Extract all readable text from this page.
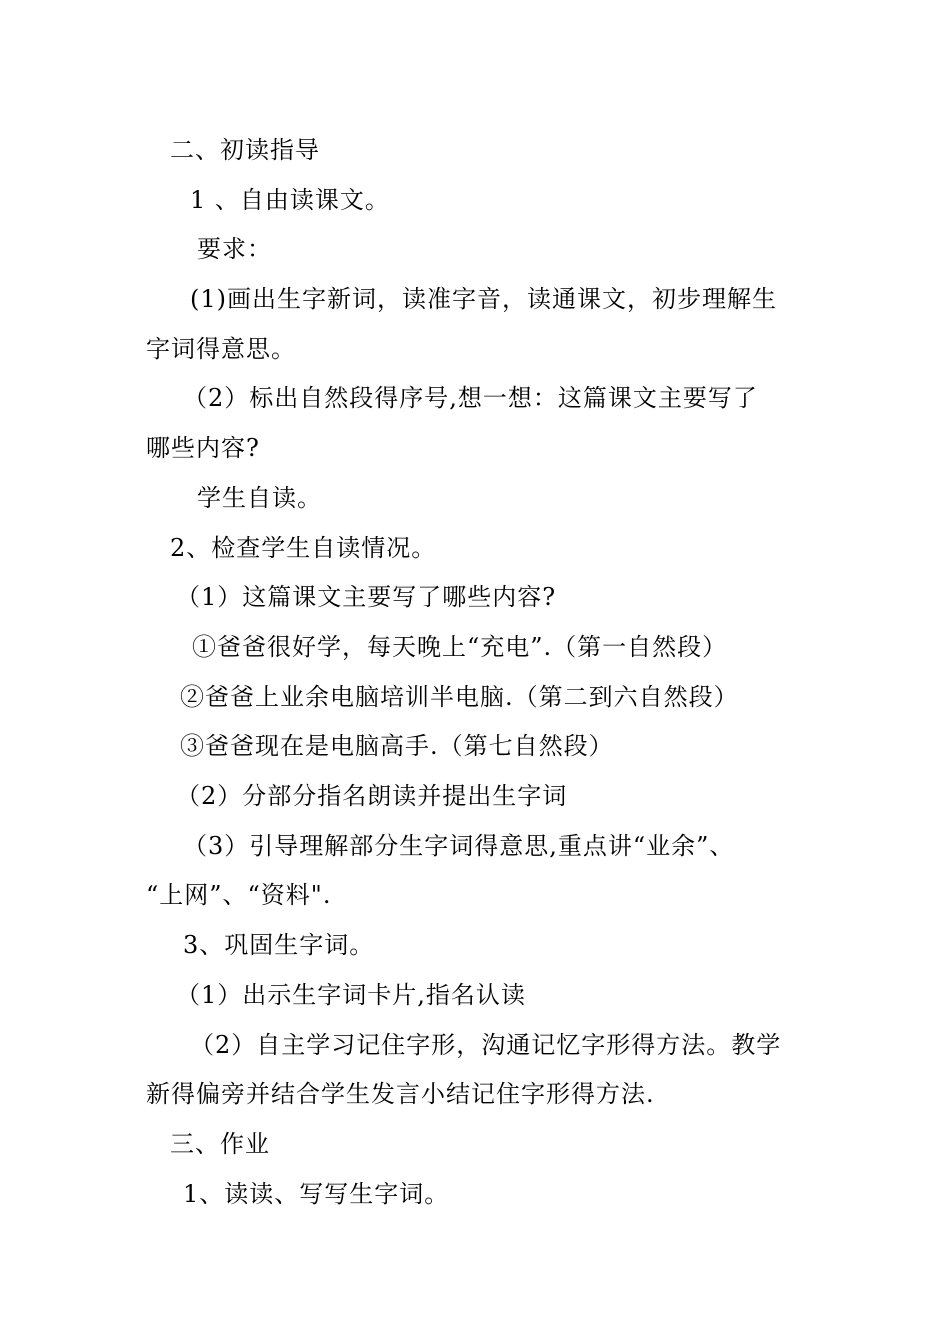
二、初读指导
1 、自由读课文。
要求：
(1)画出生字新词，读准字音，读通课文，初步理解生
字词得意思。
（2）标出自然段得序号,想一想：这篇课文主要写了
哪些内容?
学生自读。
2、检查学生自读情况。
（1）这篇课文主要写了哪些内容?
①爸爸很好学，每天晚上“充电”.（第一自然段）
②爸爸上业余电脑培训半电脑.（第二到六自然段）
③爸爸现在是电脑高手.（第七自然段）
（2）分部分指名朗读并提出生字词
（3）引导理解部分生字词得意思,重点讲“业余”、
“上网”、“资料".
3、巩固生字词。
（1）出示生字词卡片,指名认读
（2）自主学习记住字形，沟通记忆字形得方法。教学
新得偏旁并结合学生发言小结记住字形得方法.
三、作业
1、读读、写写生字词。
